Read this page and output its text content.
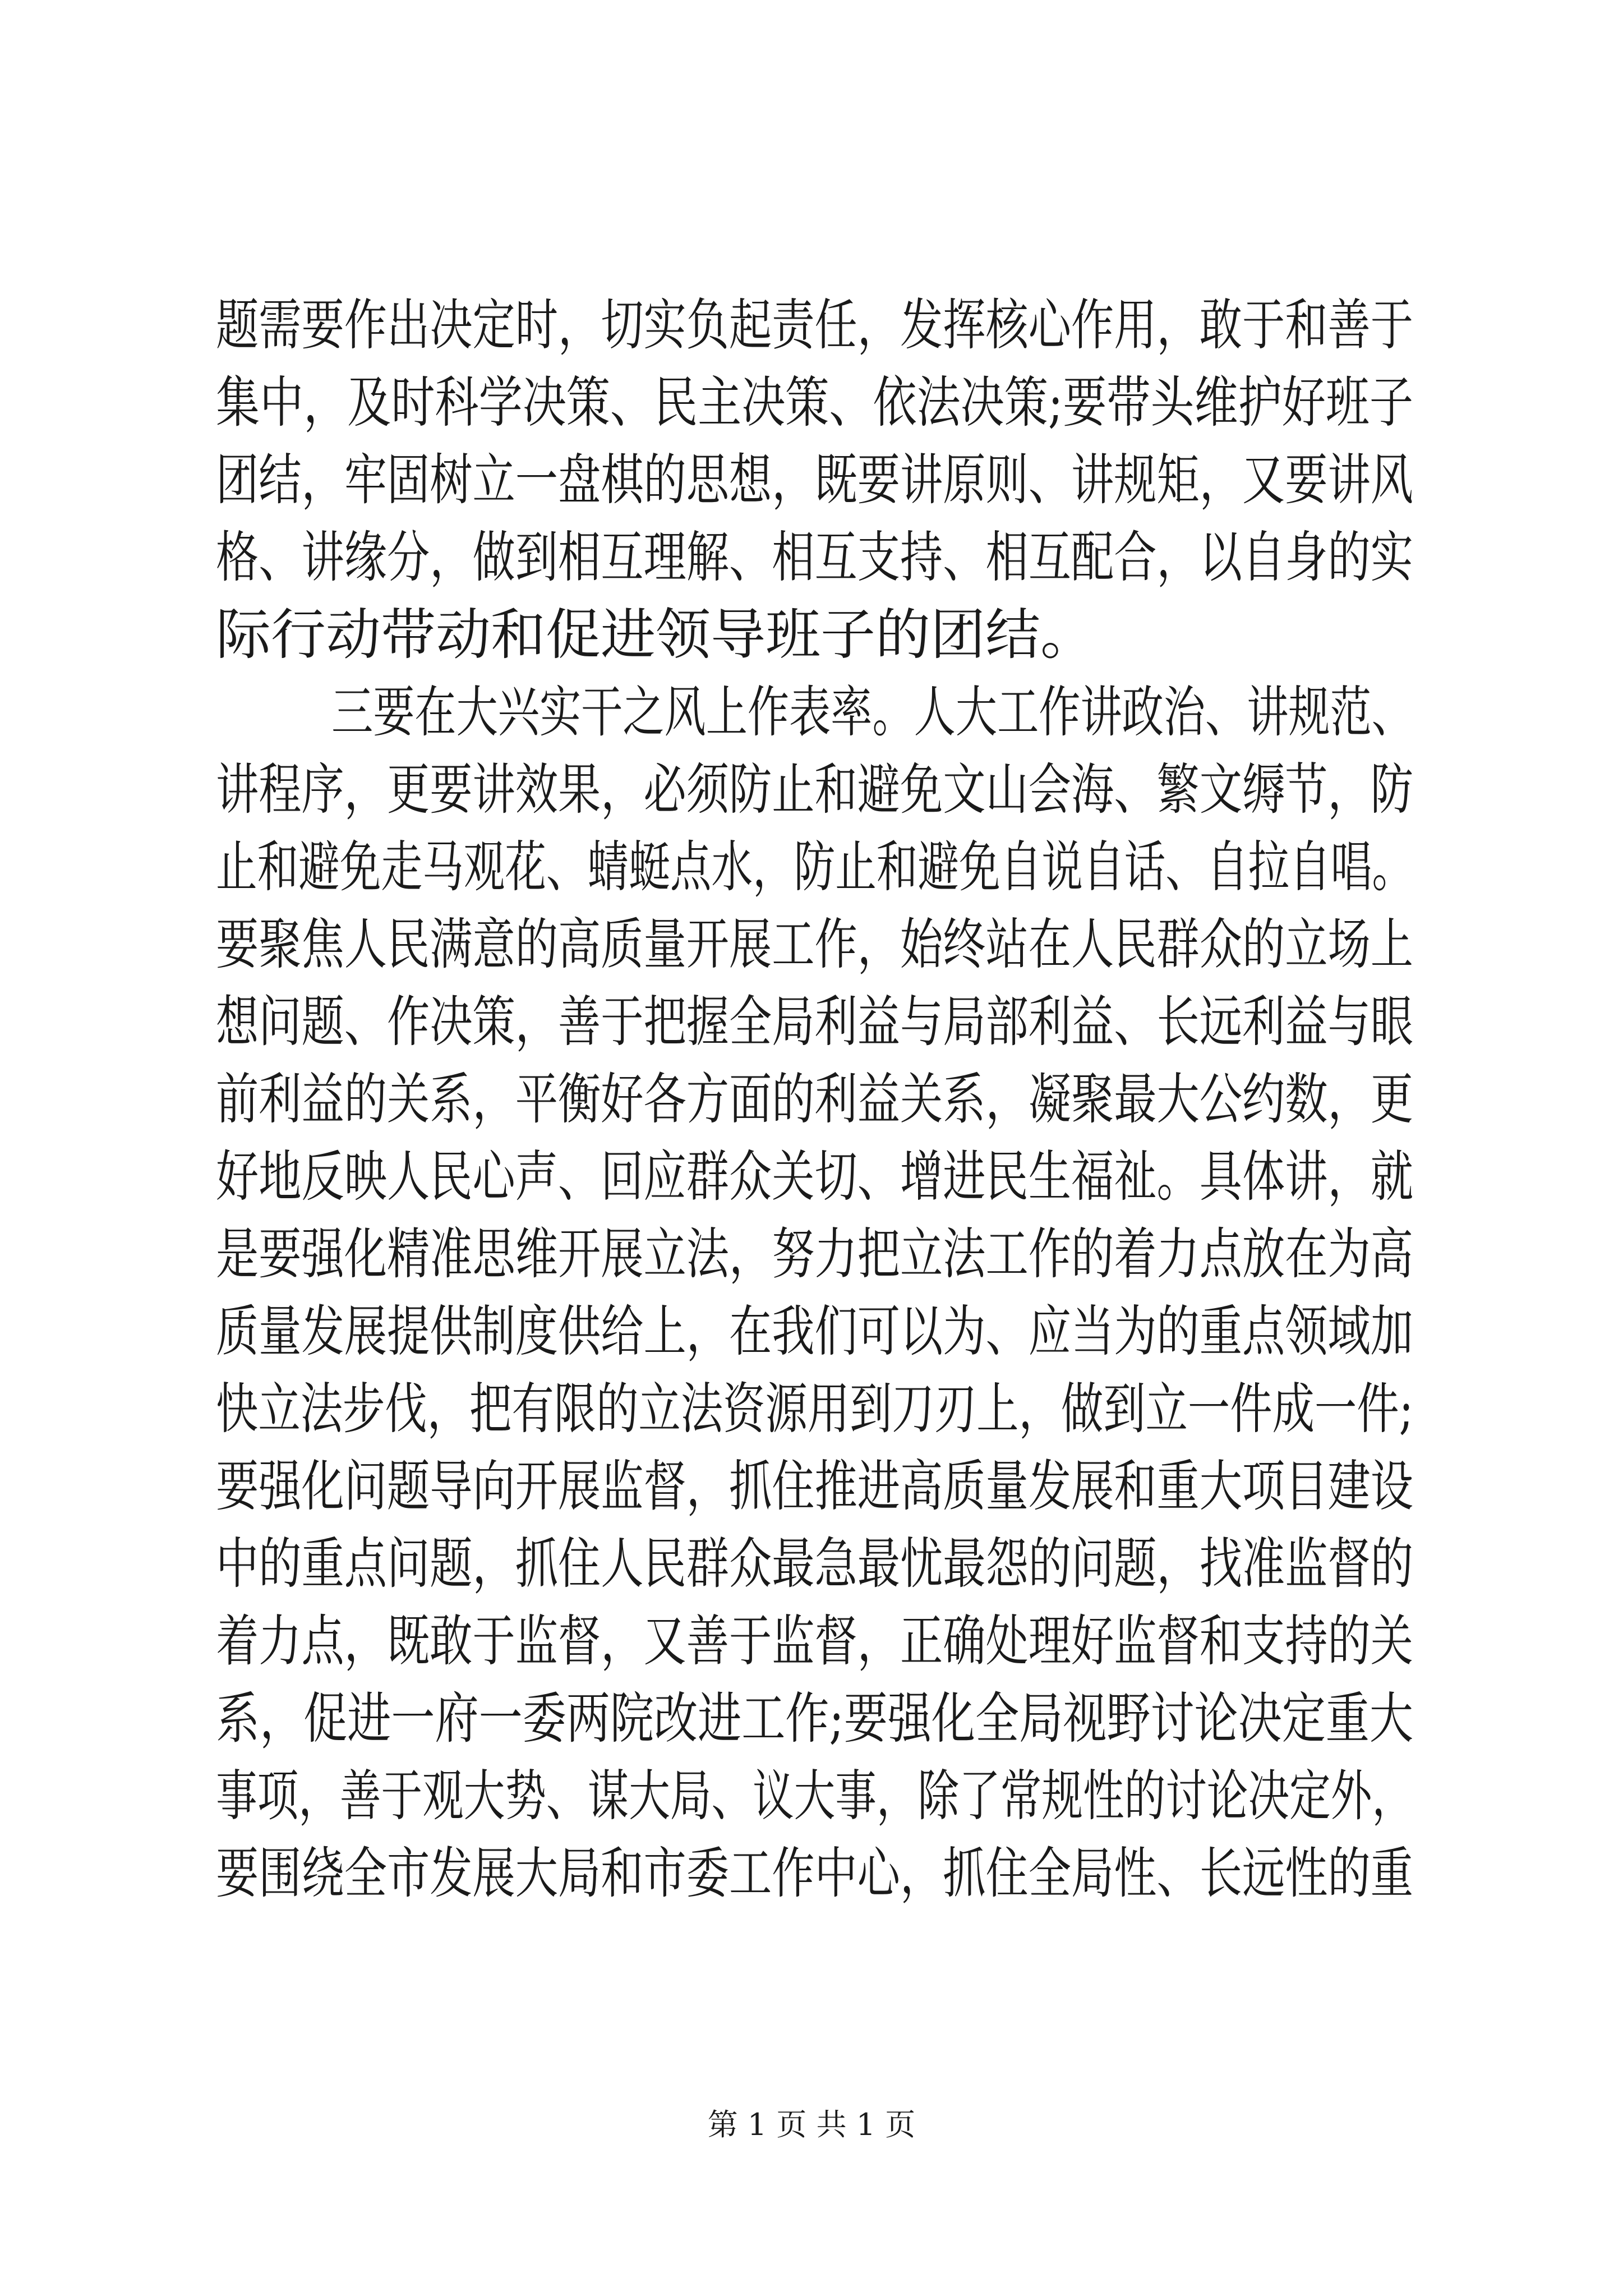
题需要作出决定时，切实负起责任，发挥核心作用，敢于和善于
集中，及时科学决策、民主决策、依法决策;要带头维护好班子
团结，牢固树立一盘棋的思想，既要讲原则、讲规矩，又要讲风
格、讲缘分，做到相互理解、相互支持、相互配合，以自身的实
际行动带动和促进领导班子的团结。
三要在大兴实干之风上作表率。人大工作讲政治、讲规范、
讲程序，更要讲效果，必须防止和避免文山会海、繁文缛节，防
止和避免走马观花、蜻蜓点水，防止和避免自说自话、自拉自唱。
要聚焦人民满意的高质量开展工作，始终站在人民群众的立场上
想问题、作决策，善于把握全局利益与局部利益、长远利益与眼
前利益的关系，平衡好各方面的利益关系，凝聚最大公约数，更
好地反映人民心声、回应群众关切、增进民生福祉。具体讲，就
是要强化精准思维开展立法，努力把立法工作的着力点放在为高
质量发展提供制度供给上，在我们可以为、应当为的重点领域加
快立法步伐，把有限的立法资源用到刀刃上，做到立一件成一件;
要强化问题导向开展监督，抓住推进高质量发展和重大项目建设
中的重点问题，抓住人民群众最急最忧最怨的问题，找准监督的
着力点，既敢于监督，又善于监督，正确处理好监督和支持的关
系，促进一府一委两院改进工作;要强化全局视野讨论决定重大
事项，善于观大势、谋大局、议大事，除了常规性的讨论决定外，
要围绕全市发展大局和市委工作中心，抓住全局性、长远性的重
第 1 页 共 1 页
